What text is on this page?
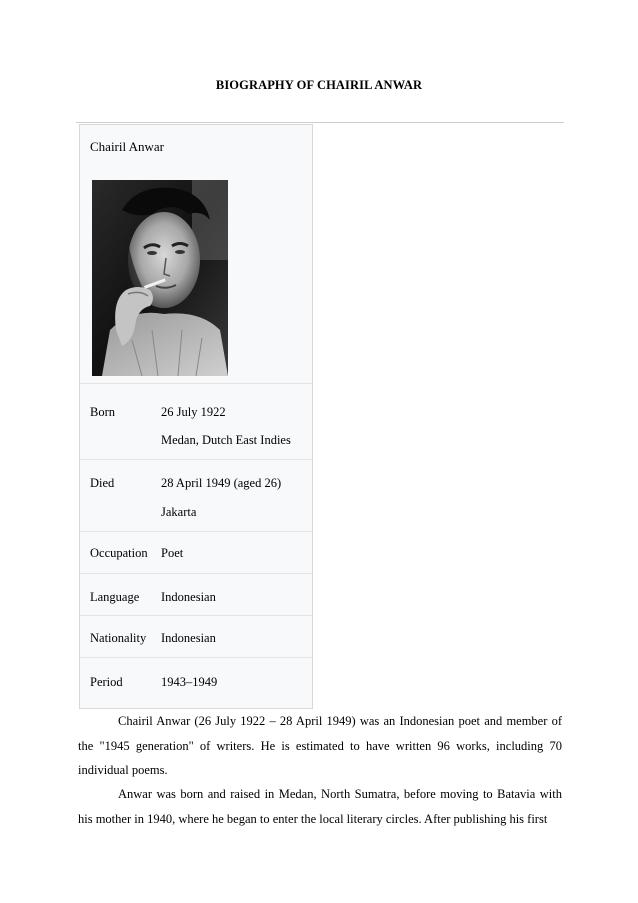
BIOGRAPHY OF CHAIRIL ANWAR
Chairil Anwar
Born	26 July 1922
Medan, Dutch East Indies
Died	28 April 1949 (aged 26)
Jakarta
Occupation Poet
Language Indonesian
Nationality Indonesian
Period	1943–1949

Chairil Anwar (26 July 1922 – 28 April 1949) was an Indonesian poet and member of the "1945 generation" of writers. He is estimated to have written 96 works, including 70 individual poems.

Anwar was born and raised in Medan, North Sumatra, before moving to Batavia with his mother in 1940, where he began to enter the local literary circles. After publishing his first
